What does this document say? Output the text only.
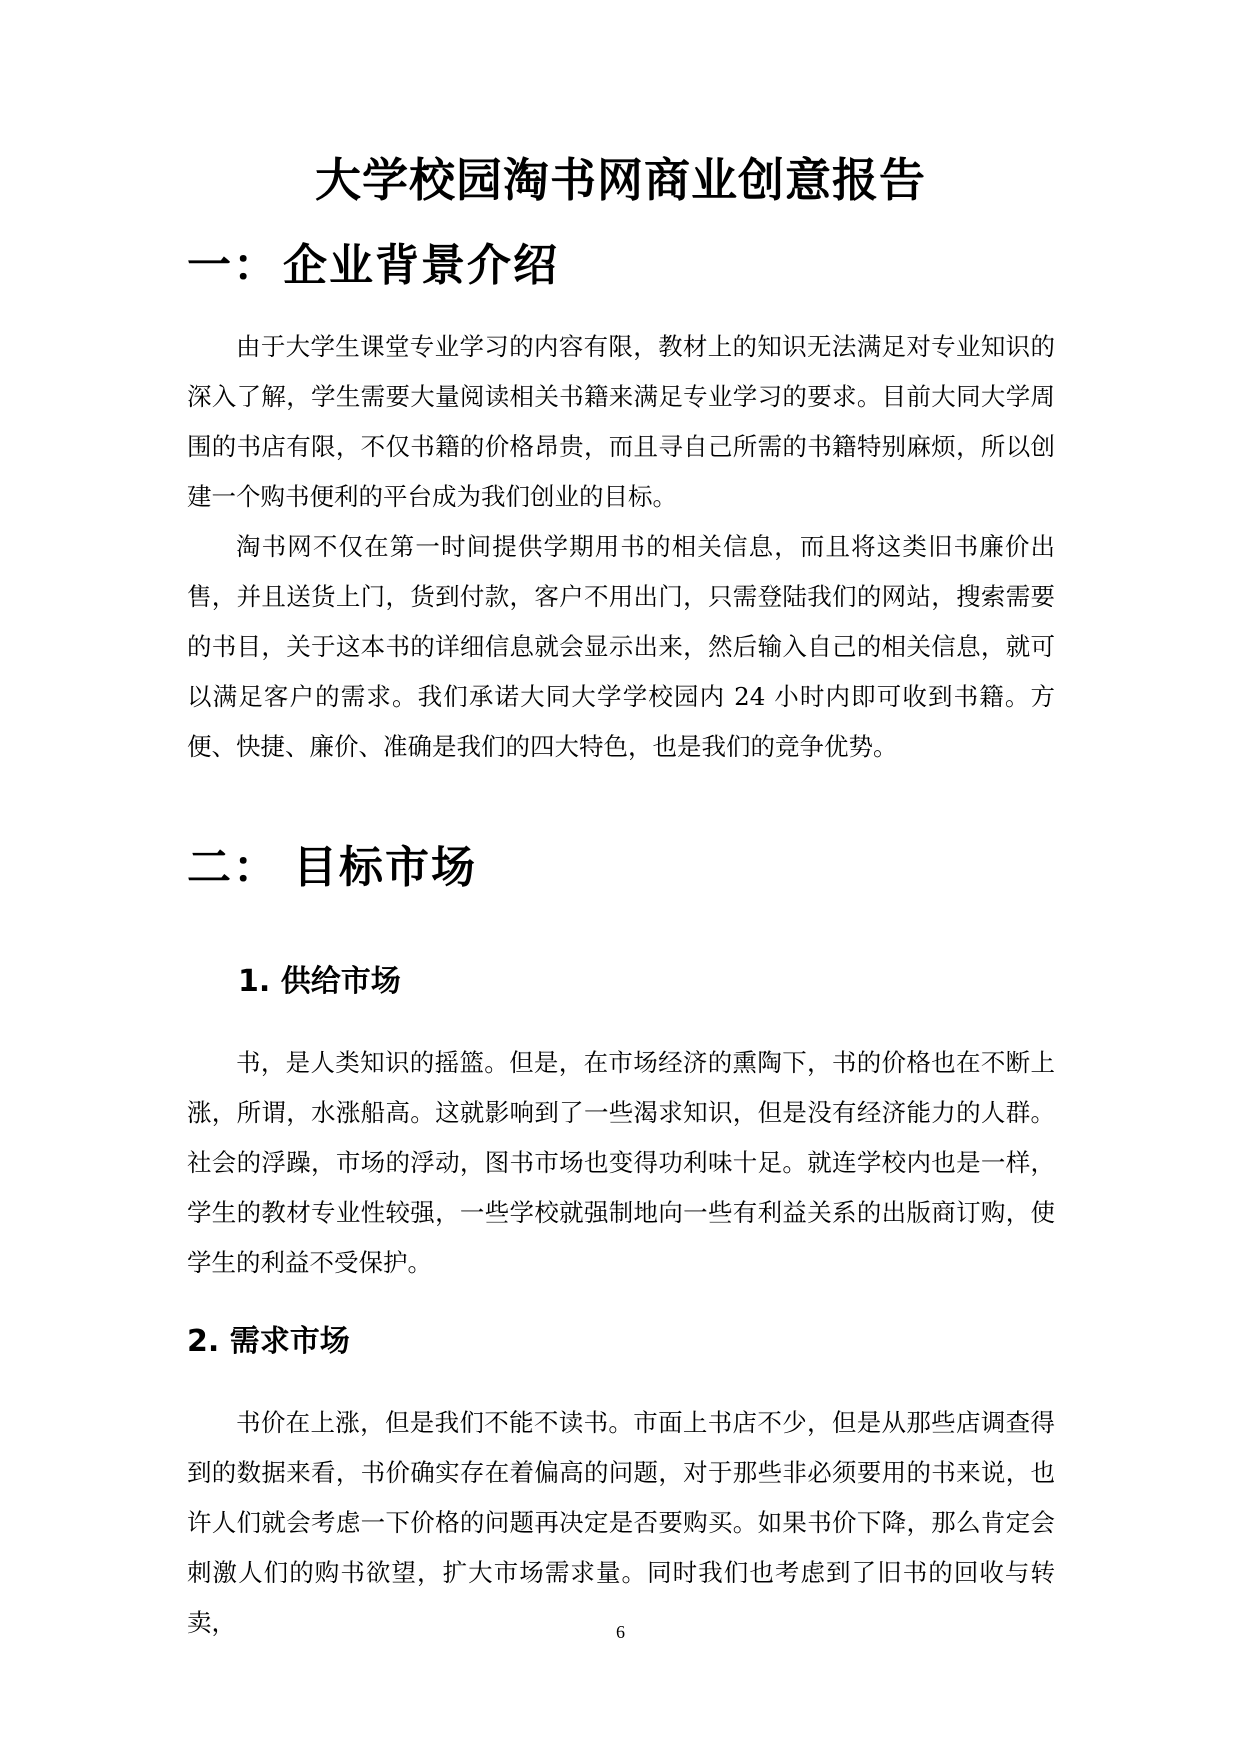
大学校园淘书网商业创意报告
一：企业背景介绍

由于大学生课堂专业学习的内容有限，教材上的知识无法满足对专业知识的深入了解，学生需要大量阅读相关书籍来满足专业学习的要求。目前大同大学周围的书店有限，不仅书籍的价格昂贵，而且寻自己所需的书籍特别麻烦，所以创建一个购书便利的平台成为我们创业的目标。

淘书网不仅在第一时间提供学期用书的相关信息，而且将这类旧书廉价出售，并且送货上门，货到付款，客户不用出门，只需登陆我们的网站，搜索需要的书目，关于这本书的详细信息就会显示出来，然后输入自己的相关信息，就可以满足客户的需求。我们承诺大同大学学校园内 24 小时内即可收到书籍。方便、快捷、廉价、准确是我们的四大特色，也是我们的竞争优势。

二： 目标市场
1. 供给市场

书，是人类知识的摇篮。但是，在市场经济的熏陶下，书的价格也在不断上涨，所谓，水涨船高。这就影响到了一些渴求知识，但是没有经济能力的人群。社会的浮躁，市场的浮动，图书市场也变得功利味十足。就连学校内也是一样，学生的教材专业性较强，一些学校就强制地向一些有利益关系的出版商订购，使学生的利益不受保护。

2. 需求市场

书价在上涨，但是我们不能不读书。市面上书店不少，但是从那些店调查得到的数据来看，书价确实存在着偏高的问题，对于那些非必须要用的书来说，也许人们就会考虑一下价格的问题再决定是否要购买。如果书价下降，那么肯定会刺激人们的购书欲望，扩大市场需求量。同时我们也考虑到了旧书的回收与转卖，	6
